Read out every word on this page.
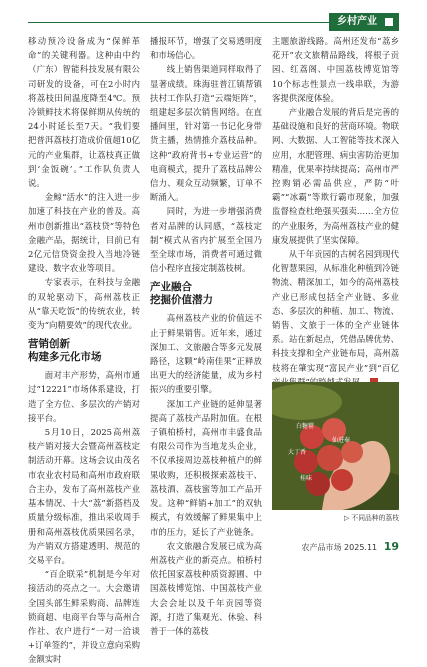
乡村产业

移动预冷设备成为“保鲜革命”的关键利器。这种由中约（广东）智能科技发展有限公司研发的设备，可在2小时内将荔枝田间温度降至4℃。预冷锁鲜技术将保鲜期从传统的24小时延长至7天。“我们要把普洱荔枝打造成价值超10亿元的产业集群，让荔枝真正做到‘金饭碗’。”工作队负责人说。

金鲸“活水”的注入进一步加速了科技在产业的普及。高州市创新推出“荔枝贷”等特色金融产品，据统计，目前已有2亿元信贷资金投入当地冷链建设、数字农业等项目。

专家表示，在科技与金融的双轮驱动下，高州荔枝正从“靠天吃饭”的传统农业，转变为“向精要效”的现代农业。

营销创新
构建多元化市场

面对丰产形势，高州市通过“12221”市场体系建设，打造了全方位、多层次的产销对接平台。

5月10日，2025高州荔枝产销对接大会暨高州荔枝定制活动开幕。这场会议由茂名市农业农村局和高州市政府联合主办，发布了高州荔枝产业基本情况、十大“荔”新搭档及质量分级标准，推出采收周手册和高州荔枝优质果园名录，为产销双方搭建透明、规范的交易平台。

“百企联采”机制是今年对接活动的亮点之一。大会邀请全国头部生鲜采购商、品牌连锁商超、电商平台等与高州合作社、农户进行“一对一洽谈+订单签约”，并设立意向采购金额实时

播报环节，增强了交易透明度和市场信心。

线上销售渠道同样取得了显著成绩。珠海驻普江镇帮镇扶村工作队打造“云端矩阵”，组建起多层次销售网络。在直播间里，针对第一书记化身带货主播，热情推介荔枝品种。这种“政府背书+专业运营”的电商模式，提升了荔枝品牌公信力、观众互动频繁，订单不断涌入。

同时，为进一步增强消费者对品牌的认同感，“荔枝定制”模式从省内扩展至全国乃至全球市场，消费者可通过微信小程序直接定制荔枝树。

产业融合
挖掘价值潜力

高州荔枝产业的价值远不止于鲜果销售。近年来，通过深加工、文旅融合等多元发展路径，这颗“岭南佳果”正释放出更大的经济能量，成为乡村振兴的重要引擎。

深加工产业链的延伸显著提高了荔枝产品附加值。在根子镇柏桥村，高州市丰盛食品有限公司作为当地龙头企业，不仅承接周边荔枝种植户的鲜果收购，还积极探索荔枝干、荔枝酒、荔枝蜜等加工产品开发。这种“鲜销+加工”的双轨模式，有效缓解了鲜果集中上市的压力，延长了产业链条。

农文旅融合发展已成为高州荔枝产业的新亮点。柏桥村依托国家荔枝种质资源圃、中国荔枝博览馆、中国荔枝产业大会会址以及千年贡园等资源，打造了集观光、休验、科普于一体的荔枝

主题旅游线路。高州还发布“荔乡花开”农文旅精品路线，将根子贡园、红荔阁、中国荔枝博览馆等10个标志性景点一线串联，为游客提供深度体验。

产业融合发展的背后是完善的基础设施和良好的营商环境。物联网、大数据、人工智能等技术深入应用，水肥管理、病虫害防治更加精准，优果率持续提高；高州市严控购销必需品供应，严防“叶霸”“冰霸”等欺行霸市现象，加强监督检查杜绝强买强卖……全方位的产业服务，为高州荔枝产业的健康发展提供了坚实保障。

从千年贡园的古树名园到现代化智慧果园，从标准化种植到冷链物流、精深加工，如今的高州荔枝产业已形成包括全产业链、多业态、多层次的种植、加工、物流、销售、文旅于一体的全产业链体系。站在新起点，凭借品牌优势、科技支撑和全产业链布局，高州荔枝将在肇实现“富民产业”到“百亿

白糖罂
大丁香
仙进奉
桂味
▷ 不同品种的荔枝
农产品市场 2025.11 19
